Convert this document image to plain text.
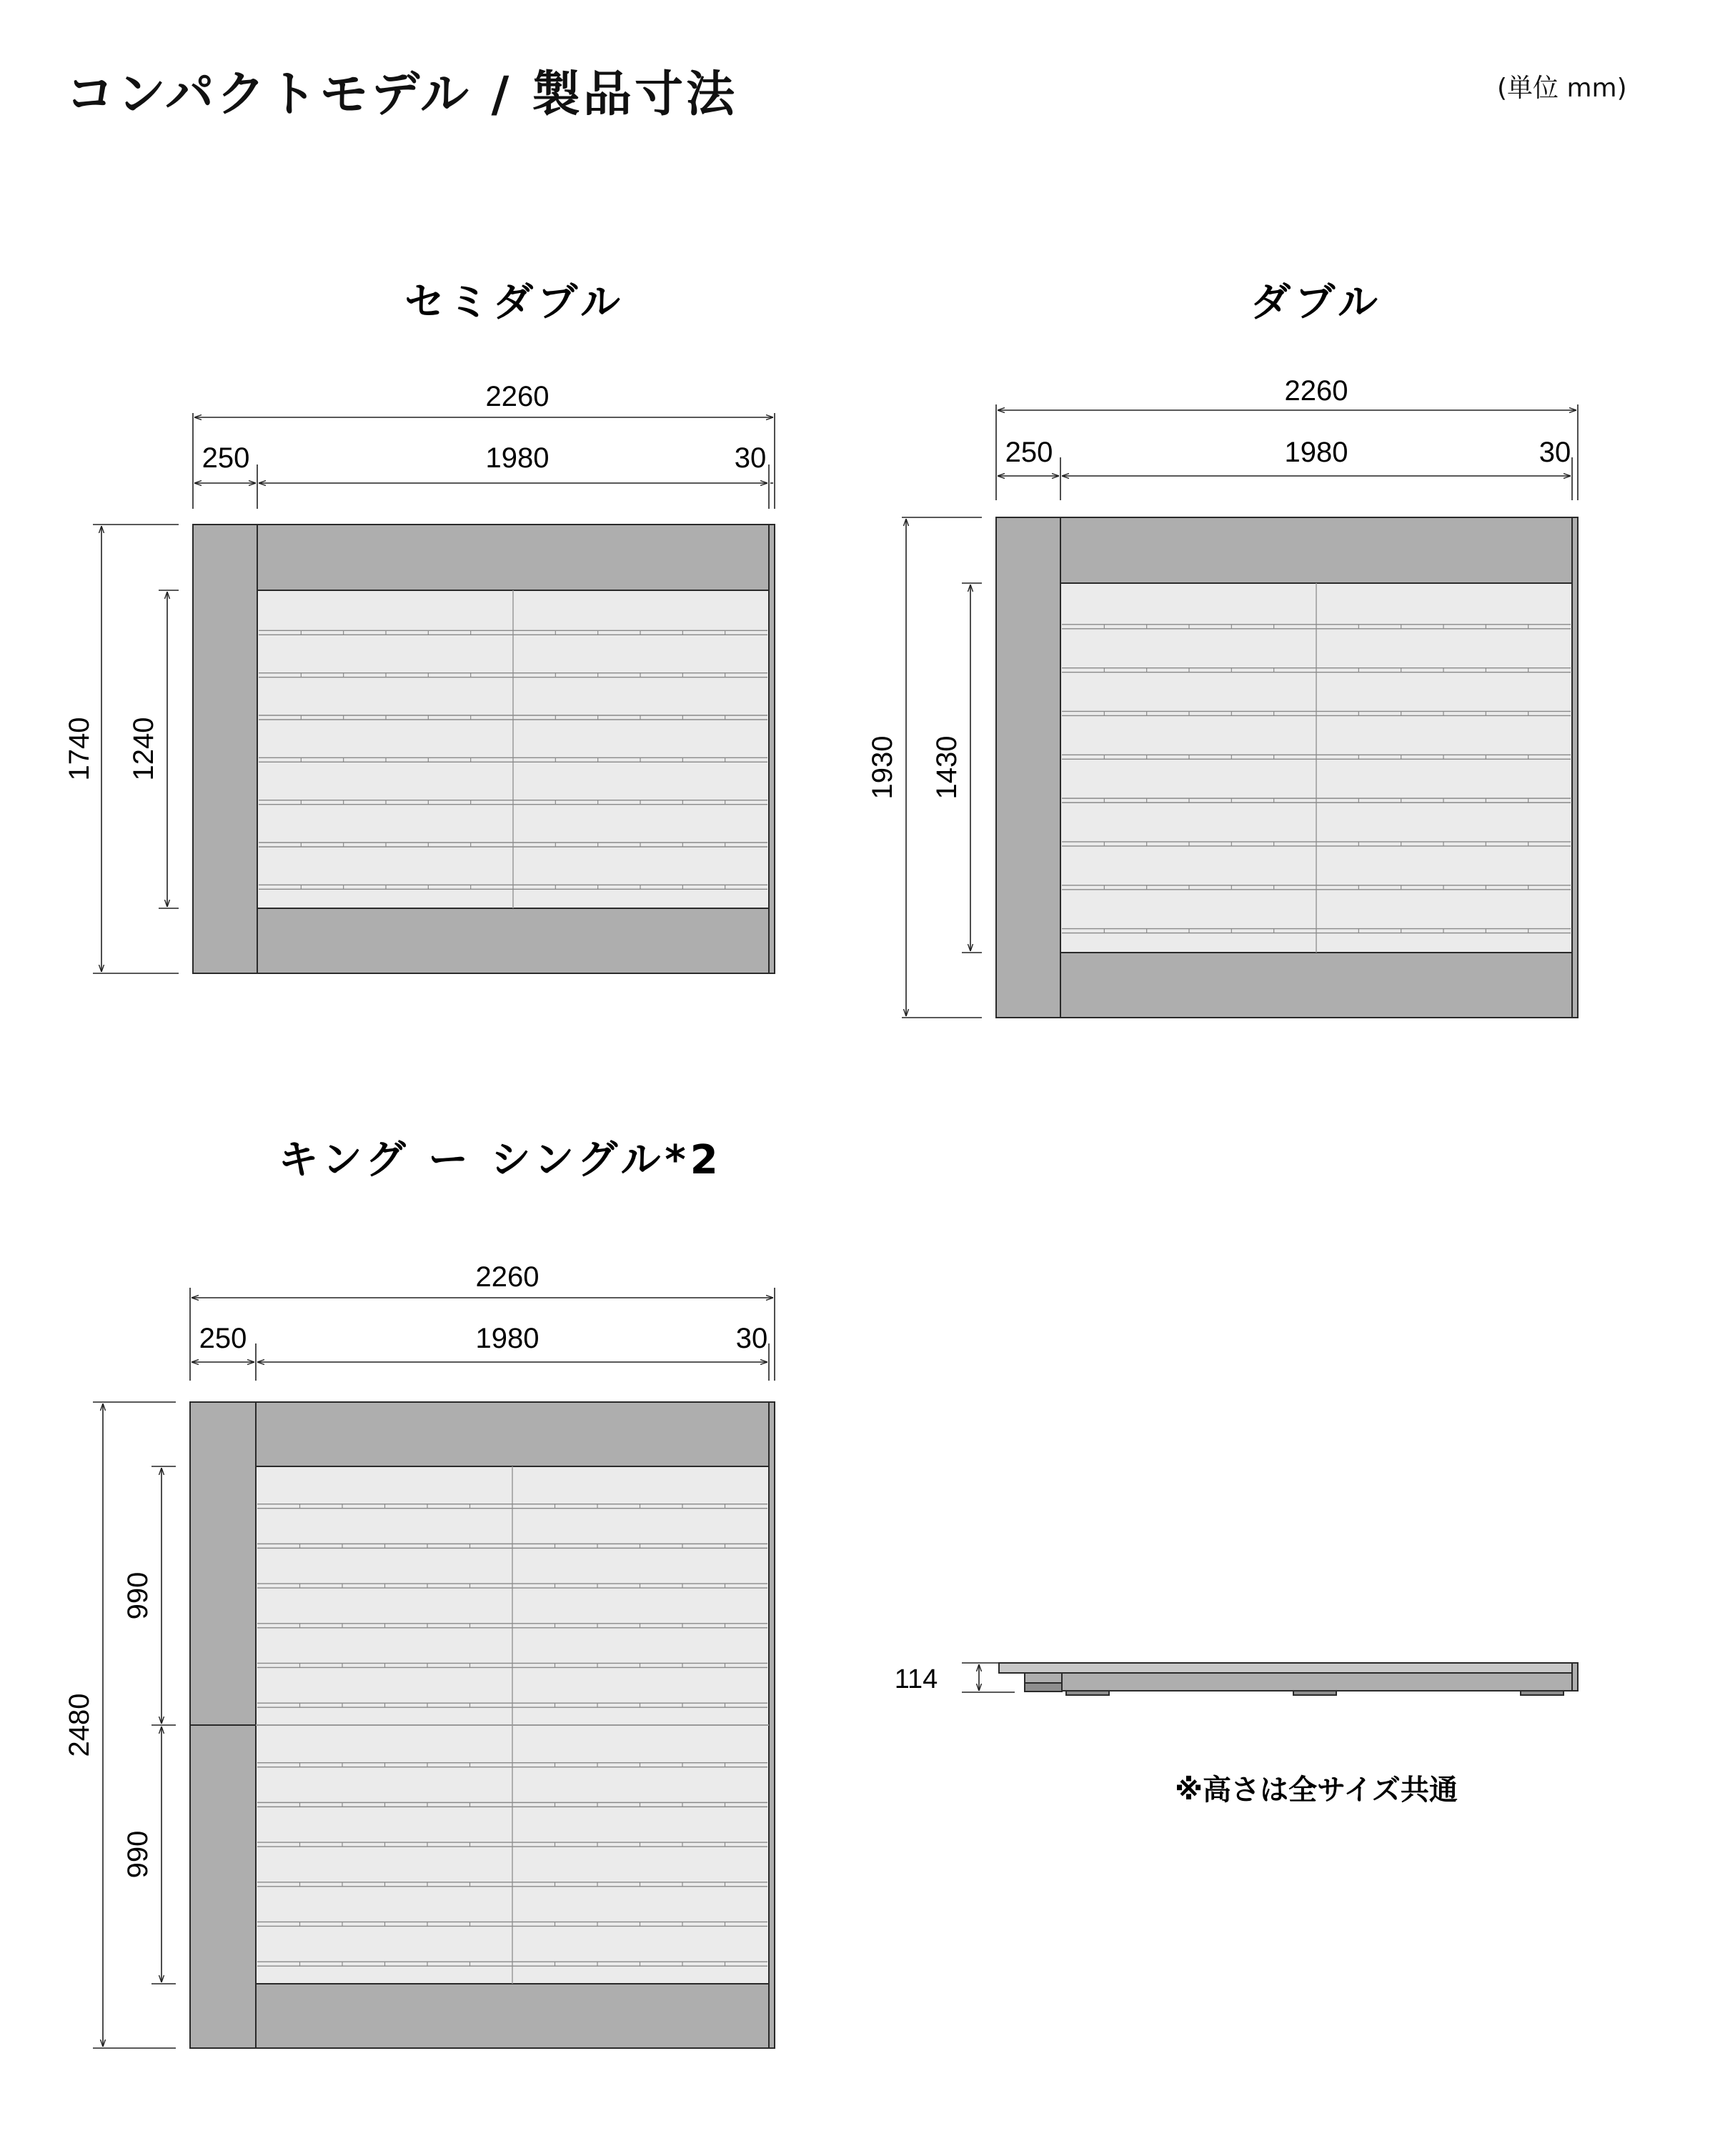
コンパクトモデル / 製品寸法	(単位 mm)
セミダブル
2260
250	1980	30
1740 1240
ダブル
2260
250	1980	30
1930 1430
キング ー シングル*2
2260
250	1980	30
2480
990
990
114
※高さは全サイズ共通
